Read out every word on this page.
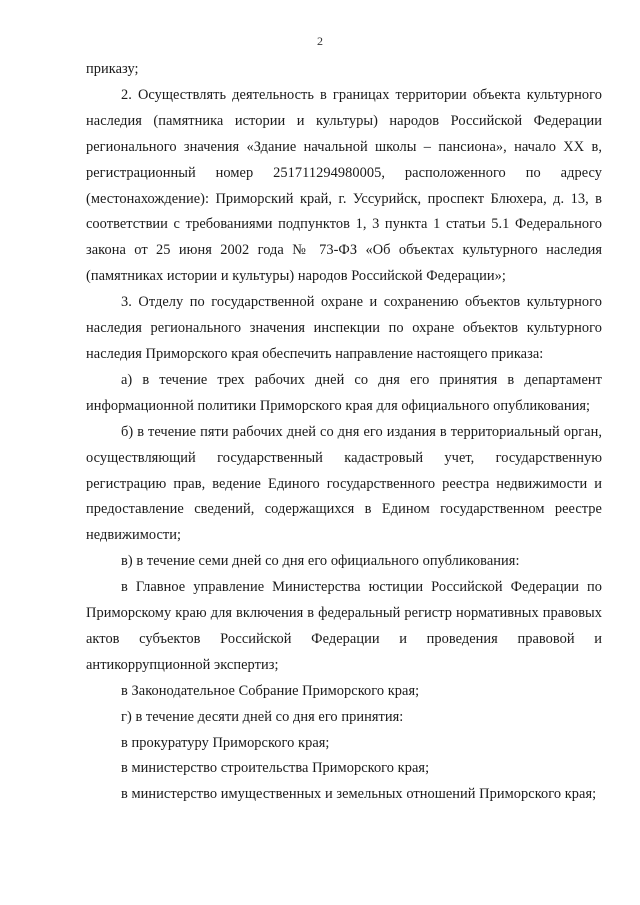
2

приказу;

2. Осуществлять деятельность в границах территории объекта культурного наследия (памятника истории и культуры) народов Российской Федерации регионального значения «Здание начальной школы – пансиона», начало XX в, регистрационный номер 251711294980005, расположенного по адресу (местонахождение): Приморский край, г. Уссурийск, проспект Блюхера, д. 13, в соответствии с требованиями подпунктов 1, 3 пункта 1 статьи 5.1 Федерального закона от 25 июня 2002 года № 73-ФЗ «Об объектах культурного наследия (памятниках истории и культуры) народов Российской Федерации»;

3. Отделу по государственной охране и сохранению объектов культурного наследия регионального значения инспекции по охране объектов культурного наследия Приморского края обеспечить направление настоящего приказа:

а) в течение трех рабочих дней со дня его принятия в департамент информационной политики Приморского края для официального опубликования;

б) в течение пяти рабочих дней со дня его издания в территориальный орган, осуществляющий государственный кадастровый учет, государственную регистрацию прав, ведение Единого государственного реестра недвижимости и предоставление сведений, содержащихся в Едином государственном реестре недвижимости;

в) в течение семи дней со дня его официального опубликования:

в Главное управление Министерства юстиции Российской Федерации по Приморскому краю для включения в федеральный регистр нормативных правовых актов субъектов Российской Федерации и проведения правовой и антикоррупционной экспертиз;

в Законодательное Собрание Приморского края;

г) в течение десяти дней со дня его принятия:

в прокуратуру Приморского края;

в министерство строительства Приморского края;

в министерство имущественных и земельных отношений Приморского края;
